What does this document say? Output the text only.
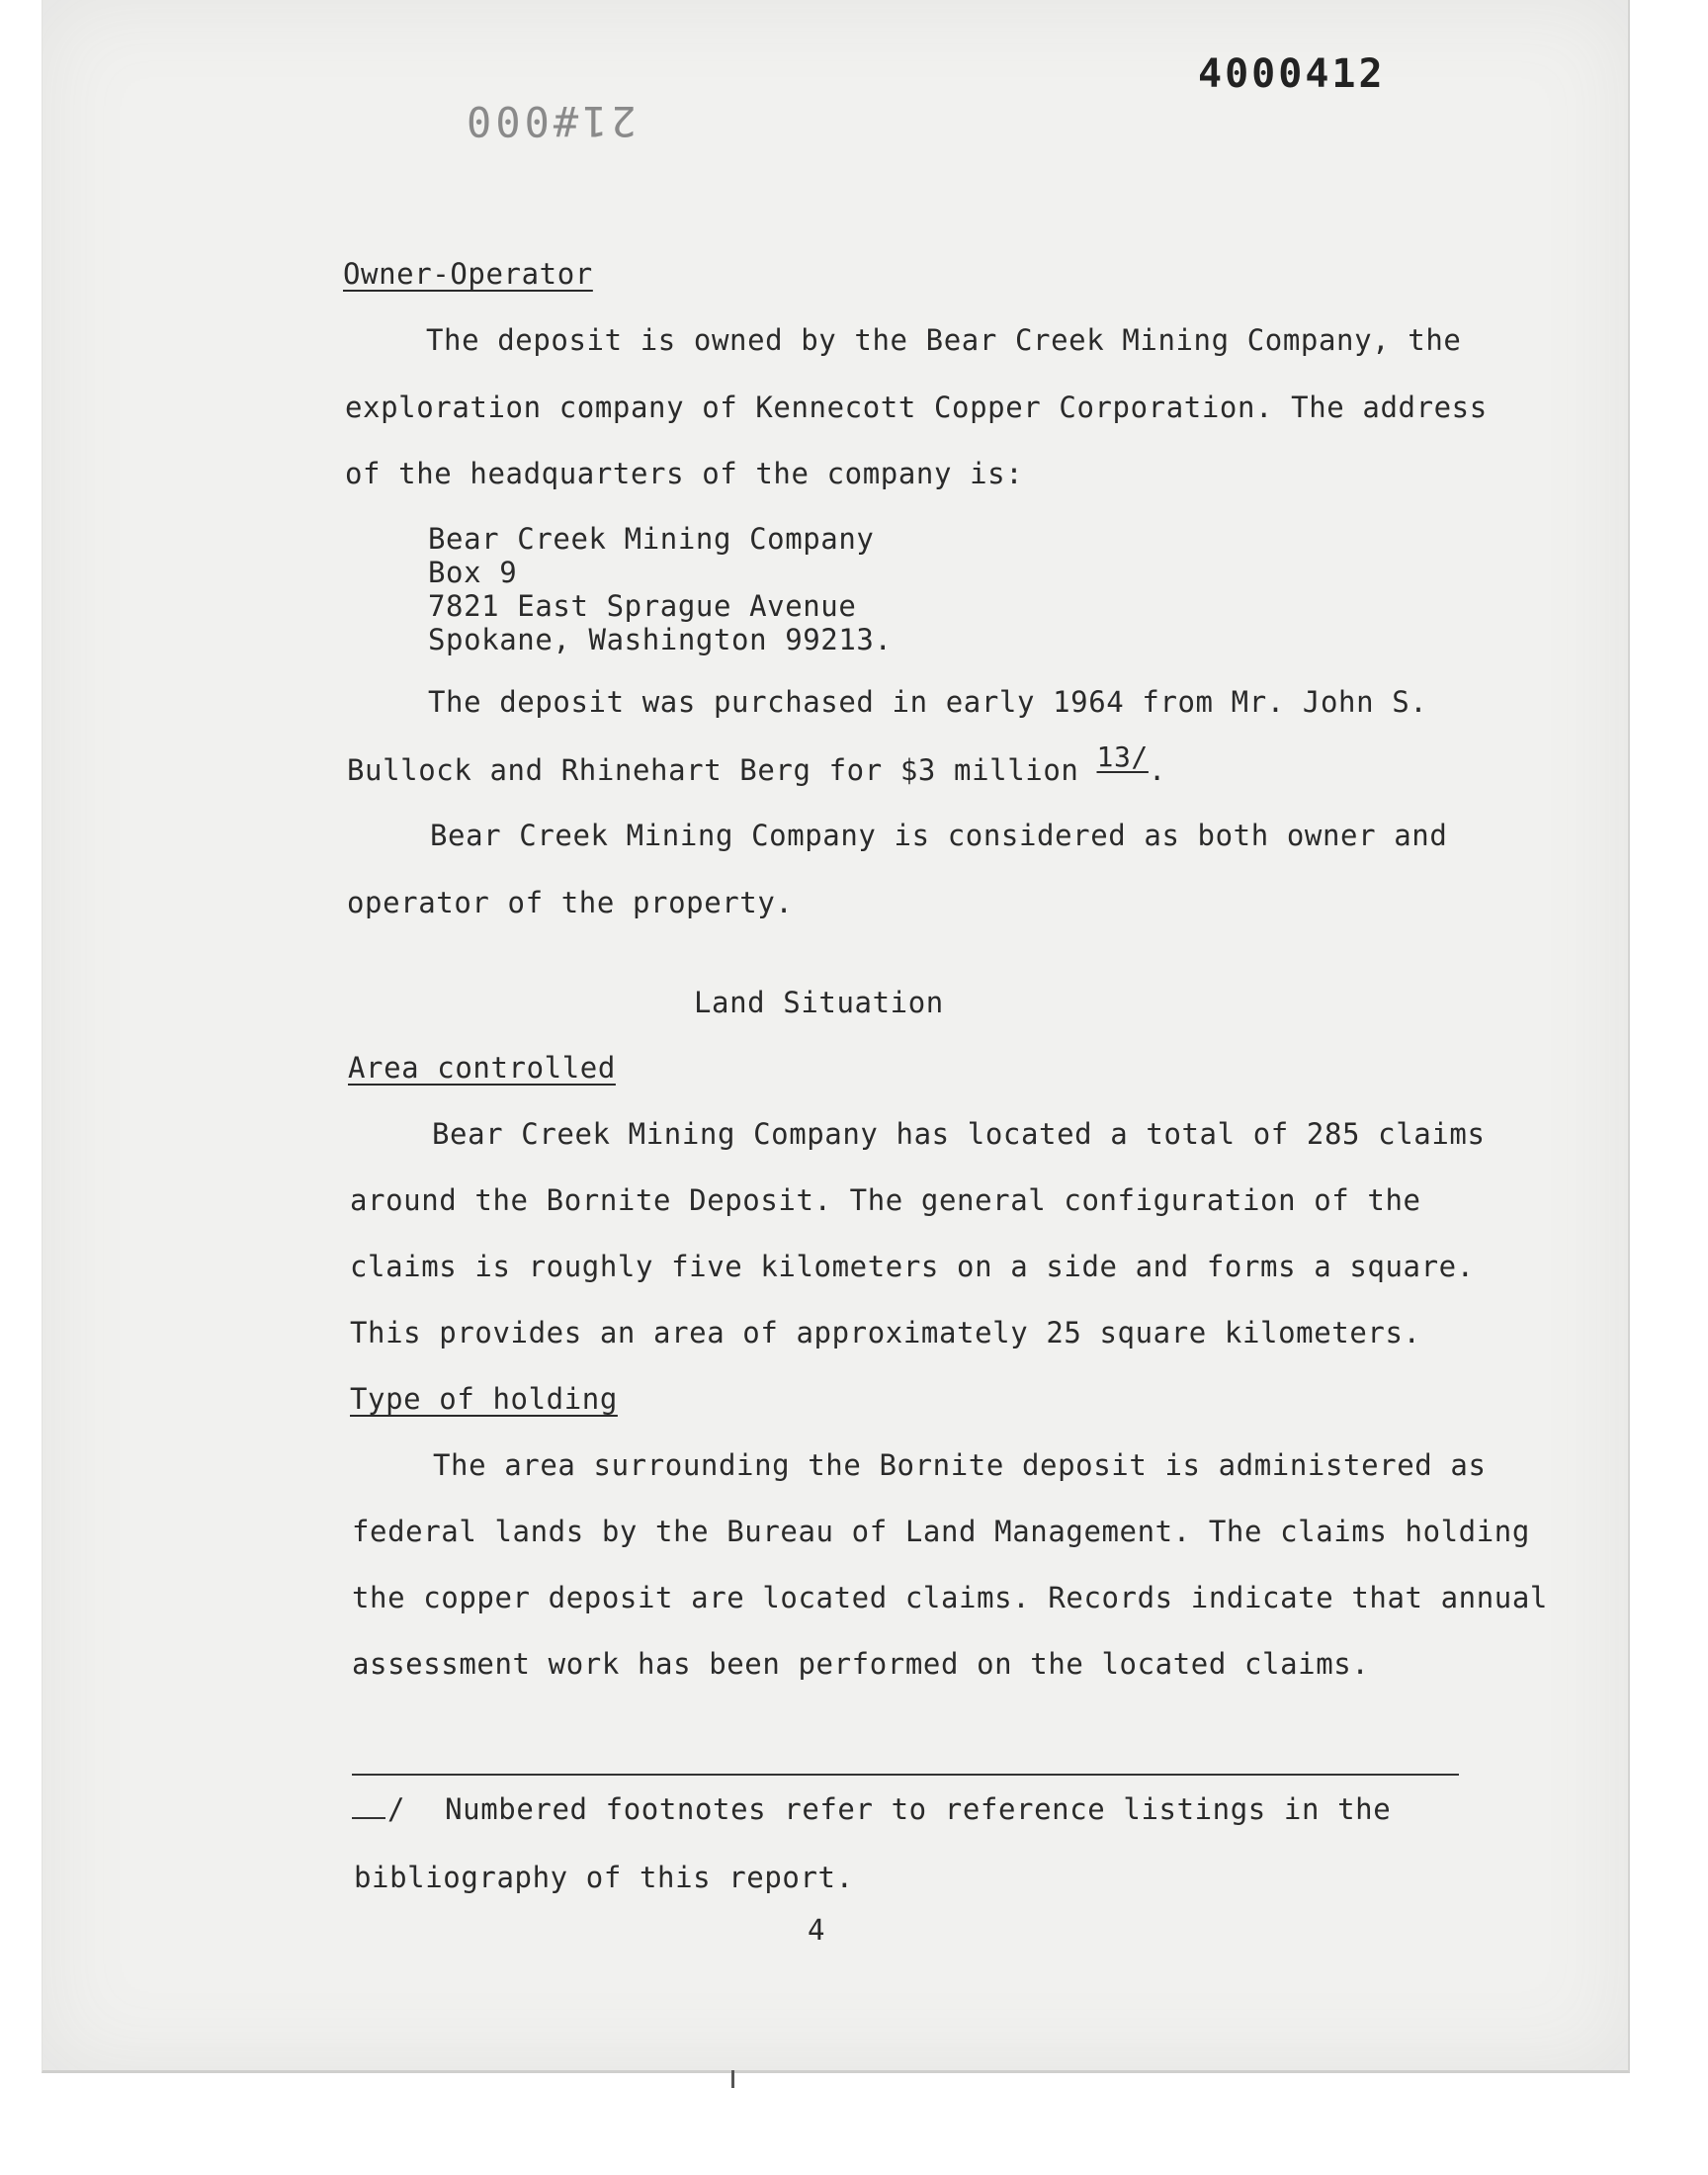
4000412
21#000
Owner-Operator
The deposit is owned by the Bear Creek Mining Company, the
exploration company of Kennecott Copper Corporation. The address
of the headquarters of the company is:
Bear Creek Mining Company
Box 9
7821 East Sprague Avenue
Spokane, Washington 99213.
The deposit was purchased in early 1964 from Mr. John S.
Bullock and Rhinehart Berg for $3 million 13/.
Bear Creek Mining Company is considered as both owner and
operator of the property.
Land Situation
Area controlled
Bear Creek Mining Company has located a total of 285 claims
around the Bornite Deposit. The general configuration of the
claims is roughly five kilometers on a side and forms a square.
This provides an area of approximately 25 square kilometers.
Type of holding
The area surrounding the Bornite deposit is administered as
federal lands by the Bureau of Land Management. The claims holding
the copper deposit are located claims. Records indicate that annual
assessment work has been performed on the located claims.
/ Numbered footnotes refer to reference listings in the
bibliography of this report.
4
